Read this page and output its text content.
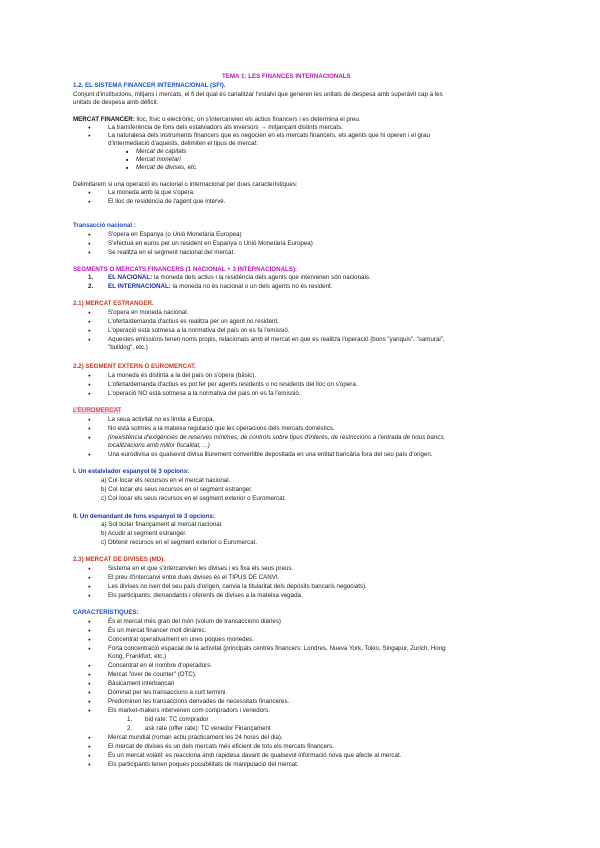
TEMA 1: LES FINANCES INTERNACIONALS
1.2. EL SISTEMA FINANCER INTERNACIONAL (SFI).
Conjunt d'institucions, mitjans i mercats, el fi del qual és canalitzar l'estalvi que generen les unitats de despesa amb superàvit cap a les
unitats de despesa amb dèficit.
MERCAT FINANCER: lloc, físic o electrònic, on s'intercanvien els actius financers i es determina el preu.
● La transferència de fons dels estalviadors als inversors → mitjançant distints mercats.
● La naturalesa dels instruments financers que es negocien en els mercats financers, els agents que hi operen i el grau
d'intermediació d'aquests, delimiten el tipus de mercat:
■ Mercat de capitals
■ Mercat monetari
■ Mercat de divises, etc.
Delimitarem si una operació és nacional o internacional per dues característiques:
● La moneda amb la que s'opera.
● El lloc de residència de l'agent que intervé.
Transacció nacional :
● S'opera en Espanya (o Unió Monetària Europea)
● S'efectua en euros per un resident en Espanya o Unió Monetària Europea)
● Se realitza en el segment nacional del mercat.
SEGMENTS O MERCATS FINANCERS (1 NACIONAL + 3 INTERNACIONALS):
1. EL NACIONAL: la moneda dels actius i la residència dels agents que intervenen són nacionals.
2. EL INTERNACIONAL: la moneda no és nacional o un dels agents no és resident.
2.1) MERCAT ESTRANGER.
● S'opera en moneda nacional.
● L'oferta/demanda d'actius es realitza per un agent no resident.
● L'operació està sotmesa a la normativa del país on es fa l'emissió.
● Aquestes emissions tenen noms propis, relacionats amb el mercat en que es realitza l'operació (bons "yanquis", "samurai",
"bulldog", etc.)
2.2) SEGMENT EXTERN O EUROMERCAT.
● La moneda és distinta a la del país on s'opera (bàsic).
● L'oferta/demanda d'actius es pot fer per agents residents o no residents del lloc on s'opera.
● L'operació NO està sotmesa a la normativa del país on es fa l'emissió.
L'EUROMERCAT
● La seua activitat no es limita a Europa.
● No està sotmès a la mateixa regulació que les operacions dels mercats domèstics.
● (inexistència d'exigències de reserves mínimes, de controls sobre tipus d'interès, de restriccions a l'entrada de nous bancs,
localitzacions amb millor fiscalitat, ...)
● Una eurodivisa es qualsevol divisa lliurement convertible depositada en una entitat bancària fora del seu país d'origen.
I. Un estalviador espanyol té 3 opcions:
a) Col·locar els recursos en el mercat nacional.
b) Col·locar els seus recursos en el segment estranger.
c) Col·locar els seus recursos en el segment exterior o Euromercat.
II. Un demandant de fons espanyol té 3 opcions:
a) Sol·licitar finançament al mercat nacional.
b) Acudir al segment estranger.
c) Obtenir recursos en el segment exterior o Euromercat.
2.3) MERCAT DE DIVISES (MD).
● Sistema en el que s'intercanvien les divises i es fixa els seus preus.
● El preu d'intercanvi entre dues divises és el TIPUS DE CANVI.
● Les divises no isen del seu país d'origen, canvia la titularitat dels depòsits bancaris negociats).
● Els participants: demandants i oferents de divises a la mateixa vegada.
CARACTERÍSTIQUES:
● És el mercat més gran del món (volum de transaccions diàries)
● És un mercat financer molt dinàmic.
● Concentrat operativament en unes poques monedes.
● Forta concentració espacial de la activitat (principals centres financers: Londres, Nueva York, Tokio, Singapur, Zurich, Hong
Kong, Frankfurt, etc.)
● Concentrat en el nombre d'operadors.
● Mercat "over de counter" (OTC).
● Bàsicament interbancari
● Dominat per les transaccions a curt termini.
● Predominen les transaccions derivades de necessitats financeres.
● Els market-makers intervenen com compradors i venedors.
1. bid rate: TC comprador
2. ask rate (offer rate): TC venedor Finançament
● Mercat mundial (roman actiu pràcticament les 24 hores del dia).
● El mercat de divises és un dels mercats més eficient de tots els mercats financers.
● És un mercat volàtil: es reacciona amb rapidesa davant de qualsevol informació nova que afecte al mercat.
● Els participants tenen poques possibilitats de manipulació del mercat.
